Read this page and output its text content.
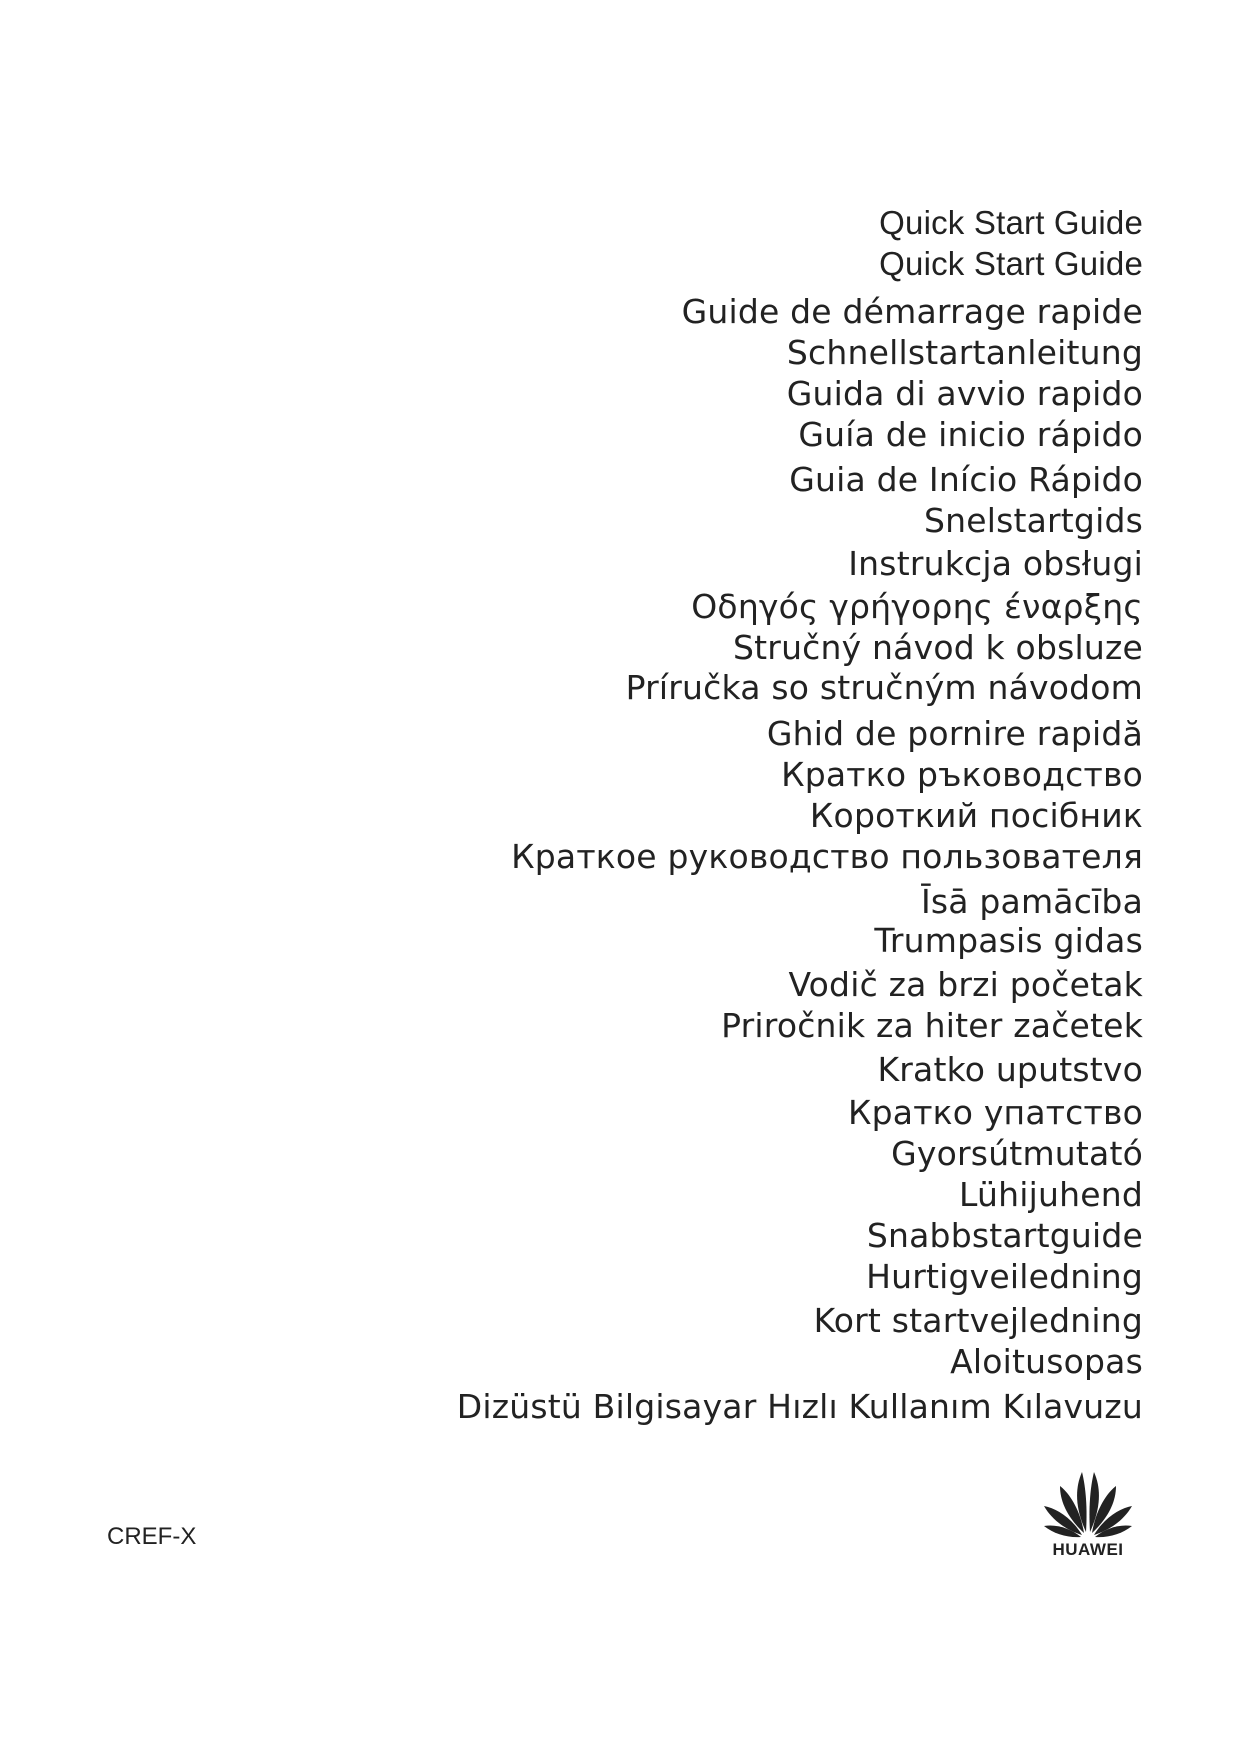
Quick Start Guide
Quick Start Guide
Guide de démarrage rapide
Schnellstartanleitung
Guida di avvio rapido
Guía de inicio rápido
Guia de Início Rápido
Snelstartgids
Instrukcja obsługi
Οδηγός γρήγορης έναρξης
Stručný návod k obsluze
Príručka so stručným návodom
Ghid de pornire rapidă
Кратко ръководство
Короткий посібник
Краткое руководство пользователя
Īsā pamācība
Trumpasis gidas
Vodič za brzi početak
Priročnik za hiter začetek
Kratko uputstvo
Кратко упатство
Gyorsútmutató
Lühijuhend
Snabbstartguide
Hurtigveiledning
Kort startvejledning
Aloitusopas
Dizüstü Bilgisayar Hızlı Kullanım Kılavuzu
CREF-X	HUAWEI
